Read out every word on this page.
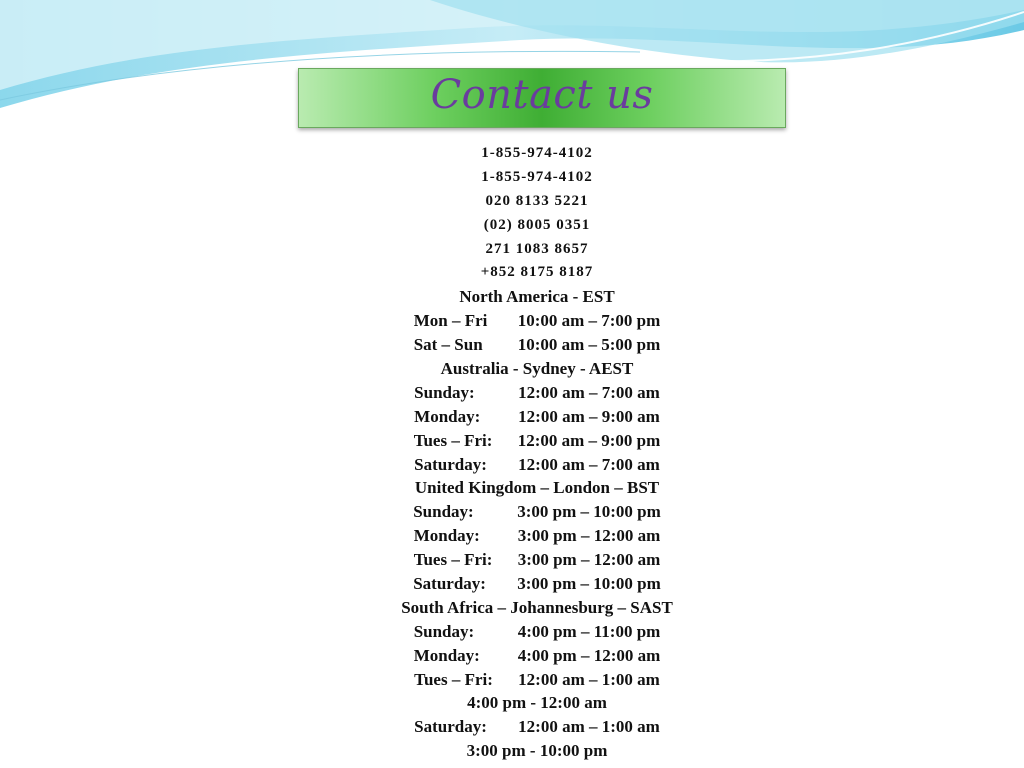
Contact us
1-855-974-4102
1-855-974-4102
020 8133 5221
(02) 8005 0351
271 1083 8657
+852 8175 8187
North America - EST
Mon – Fri	10:00 am – 7:00 pm
Sat – Sun	10:00 am – 5:00 pm
Australia - Sydney - AEST
Sunday:	12:00 am – 7:00 am
Monday:	12:00 am – 9:00 am
Tues – Fri:	12:00 am – 9:00 pm
Saturday:	12:00 am – 7:00 am
United Kingdom – London – BST
Sunday:	3:00 pm – 10:00 pm
Monday:	3:00 pm – 12:00 am
Tues – Fri:	3:00 pm – 12:00 am
Saturday:	3:00 pm – 10:00 pm
South Africa – Johannesburg – SAST
Sunday:	4:00 pm – 11:00 pm
Monday:	4:00 pm – 12:00 am
Tues – Fri:	12:00 am – 1:00 am
4:00 pm - 12:00 am
Saturday:	12:00 am – 1:00 am
3:00 pm - 10:00 pm
